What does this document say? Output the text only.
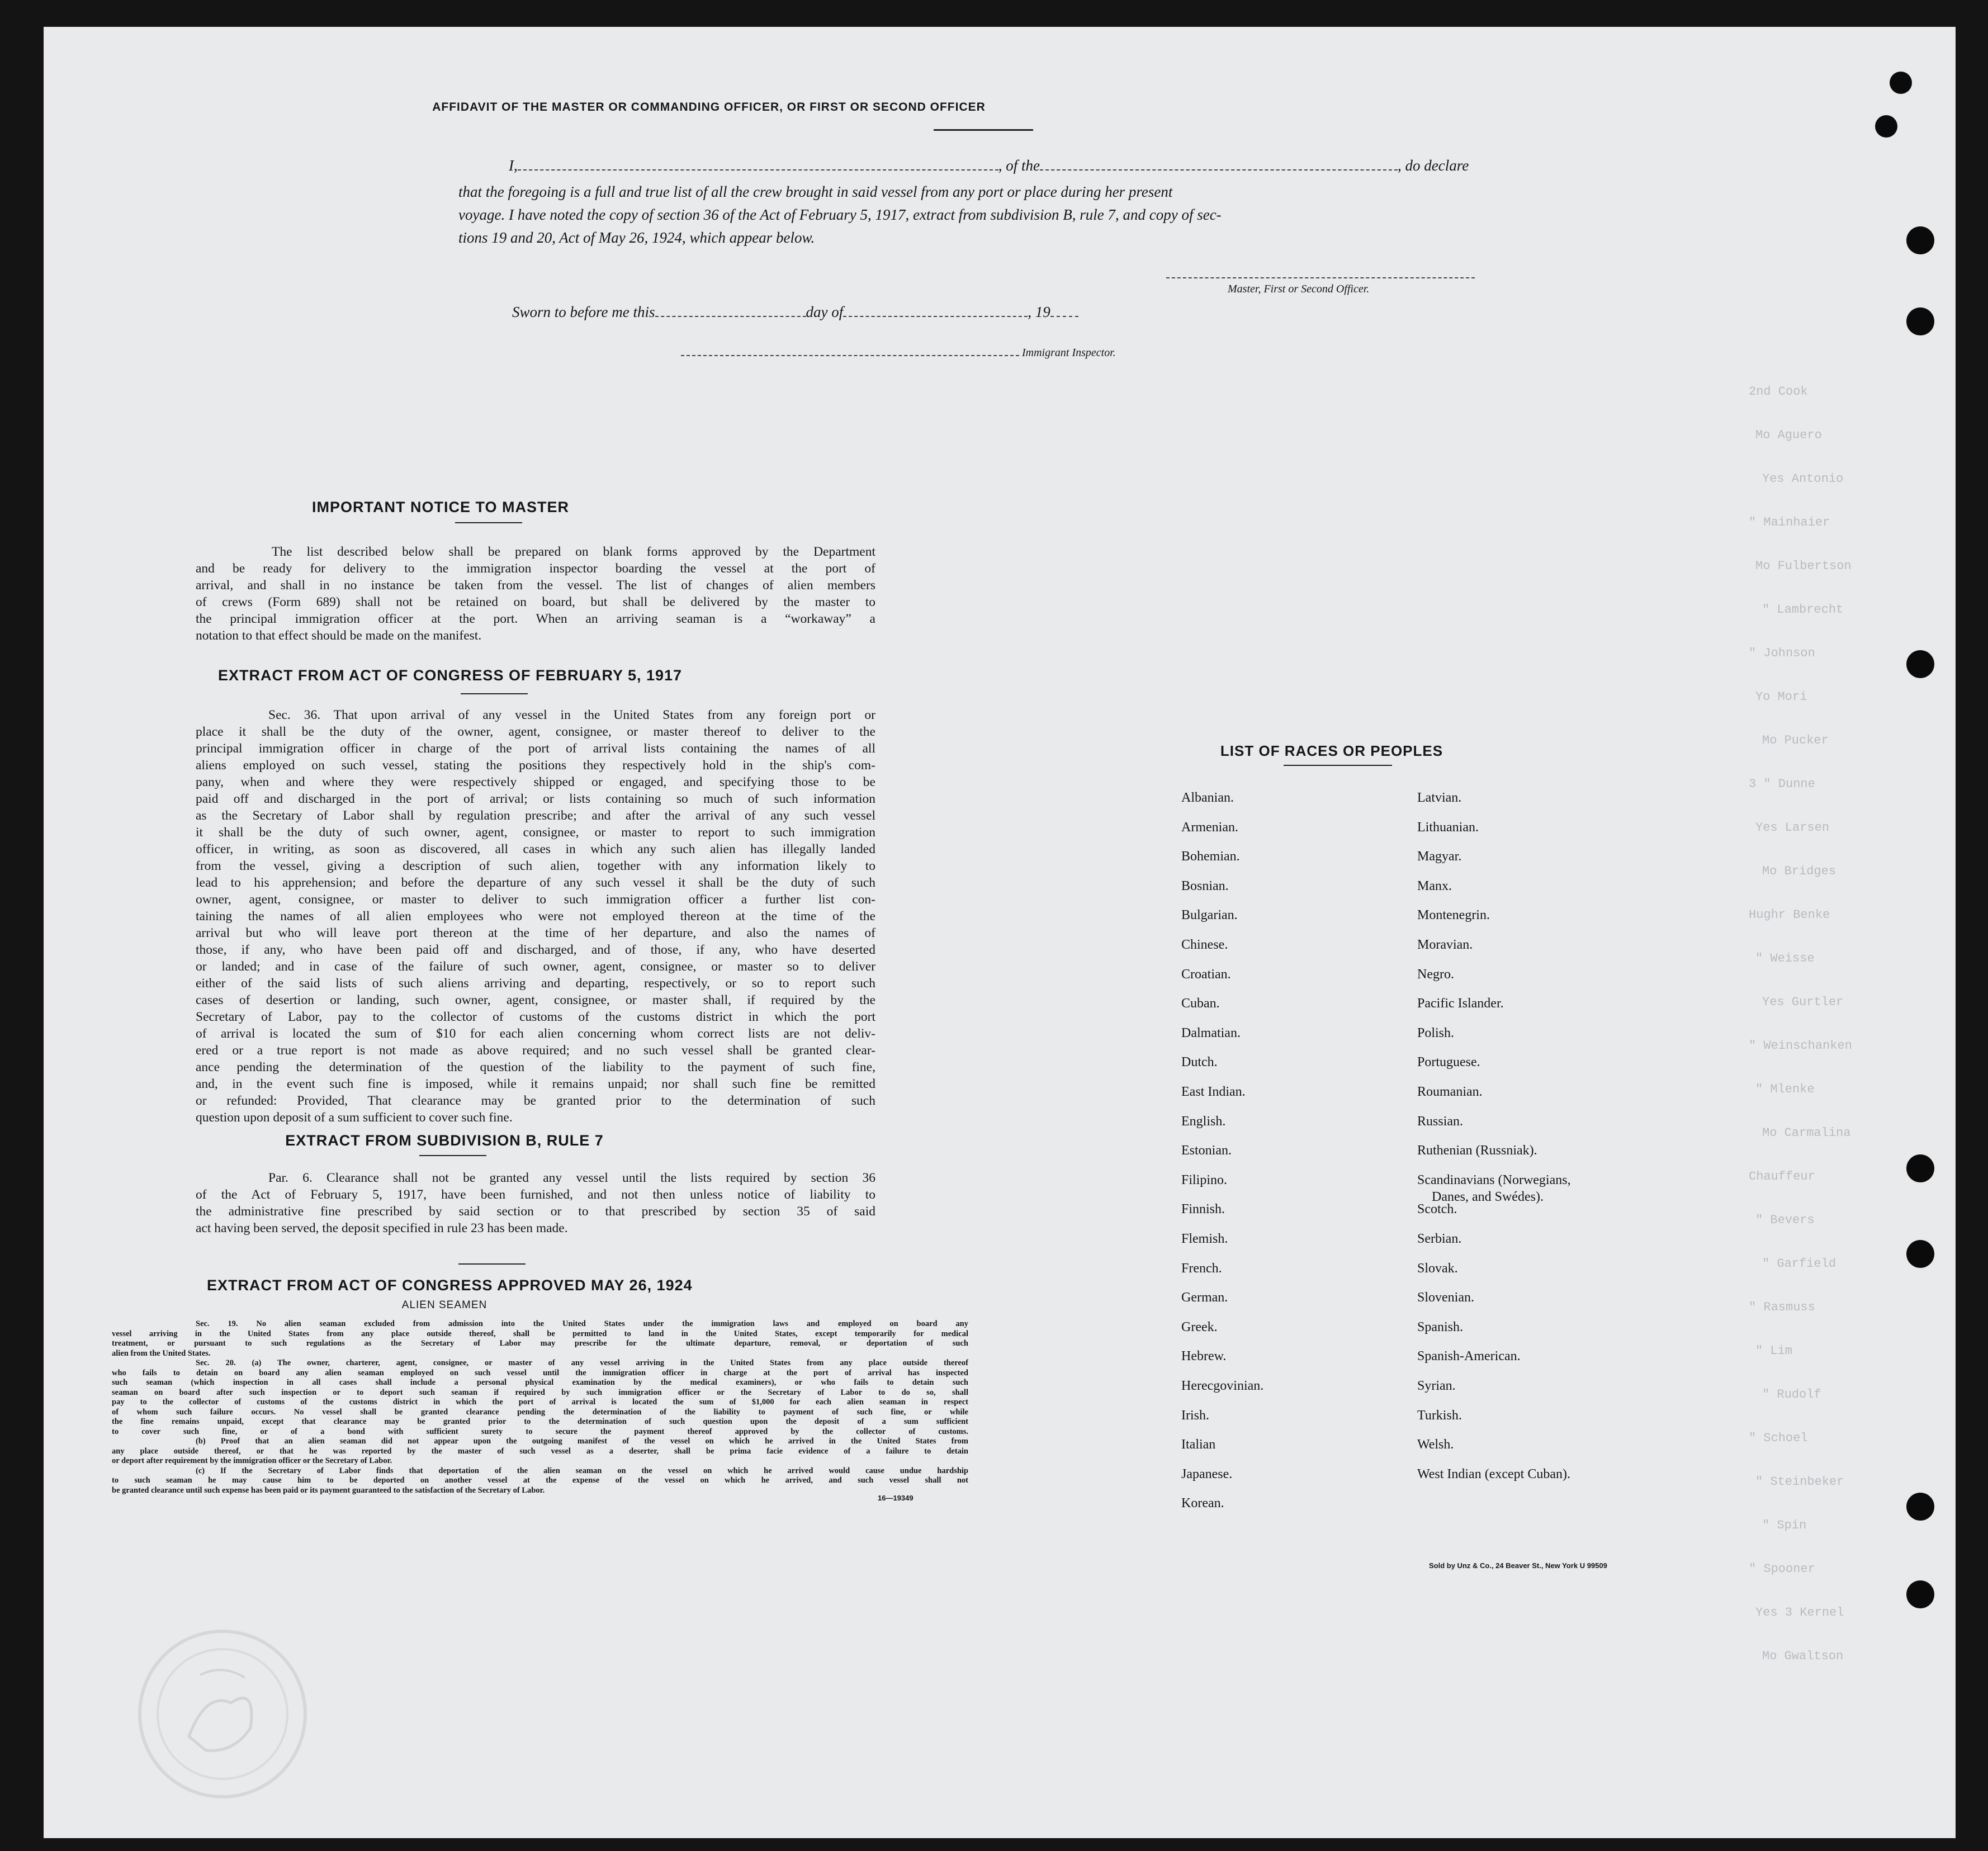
2nd Cook
Mo Aguero
Yes Antonio
" Mainhaier
Mo Fulbertson
" Lambrecht
" Johnson
Yo Mori
Mo Pucker
3 " Dunne
Yes Larsen
Mo Bridges
Hughr Benke
" Weisse
Yes Gurtler
" Weinschanken
" Mlenke
Mo Carmalina
Chauffeur
" Bevers
" Garfield
" Rasmuss
" Lim
" Rudolf
" Schoel
" Steinbeker
" Spin
" Spooner
Yes 3 Kernel
Mo Gwaltson
AFFIDAVIT OF THE MASTER OR COMMANDING OFFICER, OR FIRST OR SECOND OFFICER
I,	, of the	, do declare
that the foregoing is a full and true list of all the crew brought in said vessel from any port or place during her present
voyage. I have noted the copy of section 36 of the Act of February 5, 1917, extract from subdivision B, rule 7, and copy of sec-
tions 19 and 20, Act of May 26, 1924, which appear below.
Master, First or Second Officer.
Sworn to before me this	day of	, 19
Immigrant Inspector.
IMPORTANT NOTICE TO MASTER
The list described below shall be prepared on blank forms approved by the Department
and be ready for delivery to the immigration inspector boarding the vessel at the port of
arrival, and shall in no instance be taken from the vessel. The list of changes of alien members
of crews (Form 689) shall not be retained on board, but shall be delivered by the master to
the principal immigration officer at the port. When an arriving seaman is a “workaway” a
notation to that effect should be made on the manifest.
EXTRACT FROM ACT OF CONGRESS OF FEBRUARY 5, 1917
Sec. 36. That upon arrival of any vessel in the United States from any foreign port or
place it shall be the duty of the owner, agent, consignee, or master thereof to deliver to the
principal immigration officer in charge of the port of arrival lists containing the names of all
aliens employed on such vessel, stating the positions they respectively hold in the ship's com-
pany, when and where they were respectively shipped or engaged, and specifying those to be
paid off and discharged in the port of arrival; or lists containing so much of such information
as the Secretary of Labor shall by regulation prescribe; and after the arrival of any such vessel
it shall be the duty of such owner, agent, consignee, or master to report to such immigration
officer, in writing, as soon as discovered, all cases in which any such alien has illegally landed
from the vessel, giving a description of such alien, together with any information likely to
lead to his apprehension; and before the departure of any such vessel it shall be the duty of such
owner, agent, consignee, or master to deliver to such immigration officer a further list con-
taining the names of all alien employees who were not employed thereon at the time of the
arrival but who will leave port thereon at the time of her departure, and also the names of
those, if any, who have been paid off and discharged, and of those, if any, who have deserted
or landed; and in case of the failure of such owner, agent, consignee, or master so to deliver
either of the said lists of such aliens arriving and departing, respectively, or so to report such
cases of desertion or landing, such owner, agent, consignee, or master shall, if required by the
Secretary of Labor, pay to the collector of customs of the customs district in which the port
of arrival is located the sum of $10 for each alien concerning whom correct lists are not deliv-
ered or a true report is not made as above required; and no such vessel shall be granted clear-
ance pending the determination of the question of the liability to the payment of such fine,
and, in the event such fine is imposed, while it remains unpaid; nor shall such fine be remitted
or refunded: Provided, That clearance may be granted prior to the determination of such
question upon deposit of a sum sufficient to cover such fine.
EXTRACT FROM SUBDIVISION B, RULE 7
Par. 6. Clearance shall not be granted any vessel until the lists required by section 36
of the Act of February 5, 1917, have been furnished, and not then unless notice of liability to
the administrative fine prescribed by said section or to that prescribed by section 35 of said
act having been served, the deposit specified in rule 23 has been made.
EXTRACT FROM ACT OF CONGRESS APPROVED MAY 26, 1924
ALIEN SEAMEN
Sec. 19. No alien seaman excluded from admission into the United States under the immigration laws and employed on board any
vessel arriving in the United States from any place outside thereof, shall be permitted to land in the United States, except temporarily for medical
treatment, or pursuant to such regulations as the Secretary of Labor may prescribe for the ultimate departure, removal, or deportation of such
alien from the United States.
Sec. 20. (a) The owner, charterer, agent, consignee, or master of any vessel arriving in the United States from any place outside thereof
who fails to detain on board any alien seaman employed on such vessel until the immigration officer in charge at the port of arrival has inspected
such seaman (which inspection in all cases shall include a personal physical examination by the medical examiners), or who fails to detain such
seaman on board after such inspection or to deport such seaman if required by such immigration officer or the Secretary of Labor to do so, shall
pay to the collector of customs of the customs district in which the port of arrival is located the sum of $1,000 for each alien seaman in respect
of whom such failure occurs. No vessel shall be granted clearance pending the determination of the liability to payment of such fine, or while
the fine remains unpaid, except that clearance may be granted prior to the determination of such question upon the deposit of a sum sufficient
to cover such fine, or of a bond with sufficient surety to secure the payment thereof approved by the collector of customs.
(b) Proof that an alien seaman did not appear upon the outgoing manifest of the vessel on which he arrived in the United States from
any place outside thereof, or that he was reported by the master of such vessel as a deserter, shall be prima facie evidence of a failure to detain
or deport after requirement by the immigration officer or the Secretary of Labor.
(c) If the Secretary of Labor finds that deportation of the alien seaman on the vessel on which he arrived would cause undue hardship
to such seaman he may cause him to be deported on another vessel at the expense of the vessel on which he arrived, and such vessel shall not
be granted clearance until such expense has been paid or its payment guaranteed to the satisfaction of the Secretary of Labor.
16—19349
LIST OF RACES OR PEOPLES
Albanian.
Armenian.
Bohemian.
Bosnian.
Bulgarian.
Chinese.
Croatian.
Cuban.
Dalmatian.
Dutch.
East Indian.
English.
Estonian.
Filipino.
Finnish.
Flemish.
French.
German.
Greek.
Hebrew.
Herecgovinian.
Irish.
Italian
Japanese.
Korean.
Latvian.
Lithuanian.
Magyar.
Manx.
Montenegrin.
Moravian.
Negro.
Pacific Islander.
Polish.
Portuguese.
Roumanian.
Russian.
Ruthenian (Russniak).
Scandinavians (Norwegians,
Danes, and Swédes).
Scotch.
Serbian.
Slovak.
Slovenian.
Spanish.
Spanish-American.
Syrian.
Turkish.
Welsh.
West Indian (except Cuban).
Sold by Unz & Co., 24 Beaver St., New York U 99509
